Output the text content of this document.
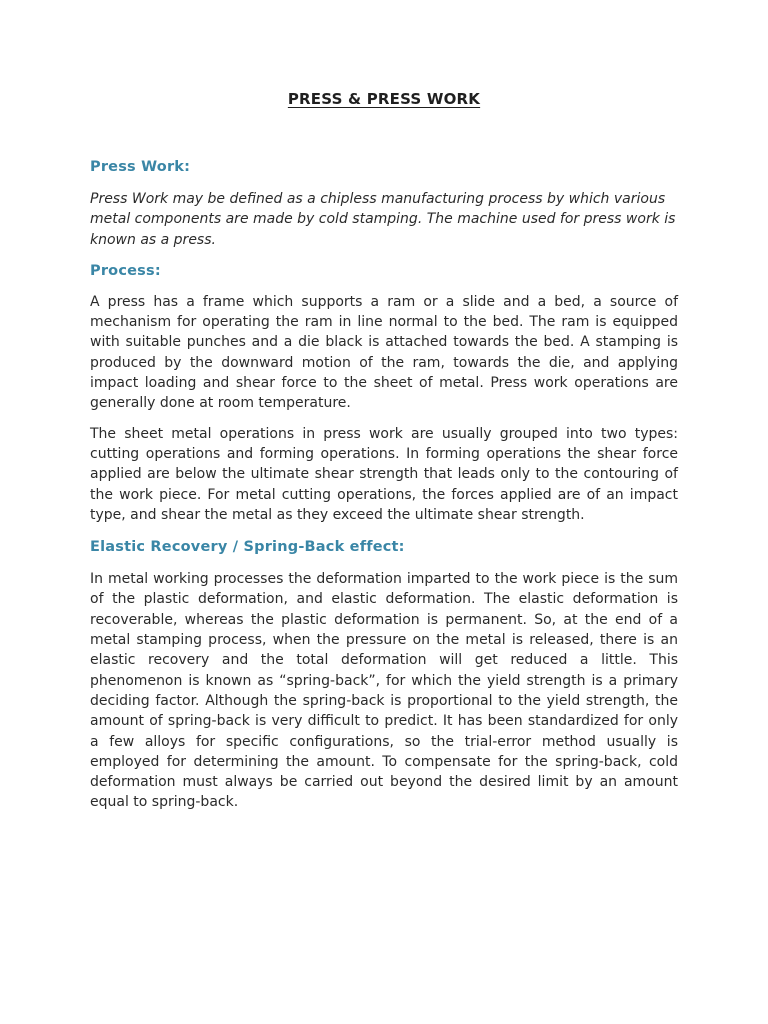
PRESS & PRESS WORK
Press Work:

Press Work may be defined as a chipless manufacturing process by which various metal components are made by cold stamping. The machine used for press work is known as a press.

Process:

A press has a frame which supports a ram or a slide and a bed, a source of mechanism for operating the ram in line normal to the bed. The ram is equipped with suitable punches and a die black is attached towards the bed. A stamping is produced by the downward motion of the ram, towards the die, and applying impact loading and shear force to the sheet of metal. Press work operations are generally done at room temperature.

The sheet metal operations in press work are usually grouped into two types: cutting operations and forming operations. In forming operations the shear force applied are below the ultimate shear strength that leads only to the contouring of the work piece. For metal cutting operations, the forces applied are of an impact type, and shear the metal as they exceed the ultimate shear strength.

Elastic Recovery / Spring-Back effect:

In metal working processes the deformation imparted to the work piece is the sum of the plastic deformation, and elastic deformation. The elastic deformation is recoverable, whereas the plastic deformation is permanent. So, at the end of a metal stamping process, when the pressure on the metal is released, there is an elastic recovery and the total deformation will get reduced a little. This phenomenon is known as “spring-back”, for which the yield strength is a primary deciding factor. Although the spring-back is proportional to the yield strength, the amount of spring-back is very difficult to predict. It has been standardized for only a few alloys for specific configurations, so the trial-error method usually is employed for determining the amount. To compensate for the spring-back, cold deformation must always be carried out beyond the desired limit by an amount equal to spring-back.
